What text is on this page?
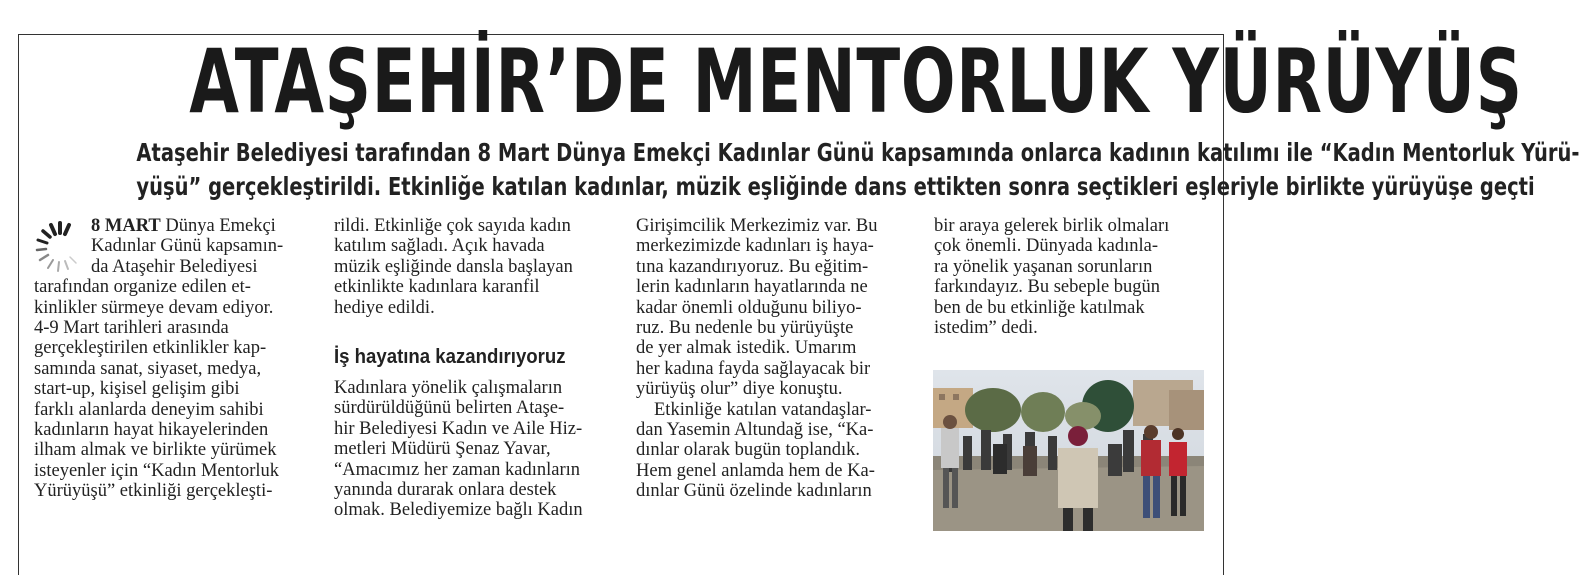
ATAŞEHİR’DE MENTORLUK YÜRÜYÜŞ
Ataşehir Belediyesi tarafından 8 Mart Dünya Emekçi Kadınlar Günü kapsamında onlarca kadının katılımı ile “Kadın Mentorluk Yürü-
yüşü” gerçekleştirildi. Etkinliğe katılan kadınlar, müzik eşliğinde dans ettikten sonra seçtikleri eşleriyle birlikte yürüyüşe geçti
8 MART Dünya Emekçi
Kadınlar Günü kapsamın-
da Ataşehir Belediyesi
tarafından organize edilen et-
kinlikler sürmeye devam ediyor.
4-9 Mart tarihleri arasında
gerçekleştirilen etkinlikler kap-
samında sanat, siyaset, medya,
start-up, kişisel gelişim gibi
farklı alanlarda deneyim sahibi
kadınların hayat hikayelerinden
ilham almak ve birlikte yürümek
isteyenler için “Kadın Mentorluk
Yürüyüşü” etkinliği gerçekleşti-
rildi. Etkinliğe çok sayıda kadın
katılım sağladı. Açık havada
müzik eşliğinde dansla başlayan
etkinlikte kadınlara karanfil
hediye edildi.
İş hayatına kazandırıyoruz
Kadınlara yönelik çalışmaların
sürdürüldüğünü belirten Ataşe-
hir Belediyesi Kadın ve Aile Hiz-
metleri Müdürü Şenaz Yavar,
“Amacımız her zaman kadınların
yanında durarak onlara destek
olmak. Belediyemize bağlı Kadın
Girişimcilik Merkezimiz var. Bu
merkezimizde kadınları iş haya-
tına kazandırıyoruz. Bu eğitim-
lerin kadınların hayatlarında ne
kadar önemli olduğunu biliyo-
ruz. Bu nedenle bu yürüyüşte
de yer almak istedik. Umarım
her kadına fayda sağlayacak bir
yürüyüş olur” diye konuştu.
Etkinliğe katılan vatandaşlar-
dan Yasemin Altundağ ise, “Ka-
dınlar olarak bugün toplandık.
Hem genel anlamda hem de Ka-
dınlar Günü özelinde kadınların
bir araya gelerek birlik olmaları
çok önemli. Dünyada kadınla-
ra yönelik yaşanan sorunların
farkındayız. Bu sebeple bugün
ben de bu etkinliğe katılmak
istedim” dedi.
